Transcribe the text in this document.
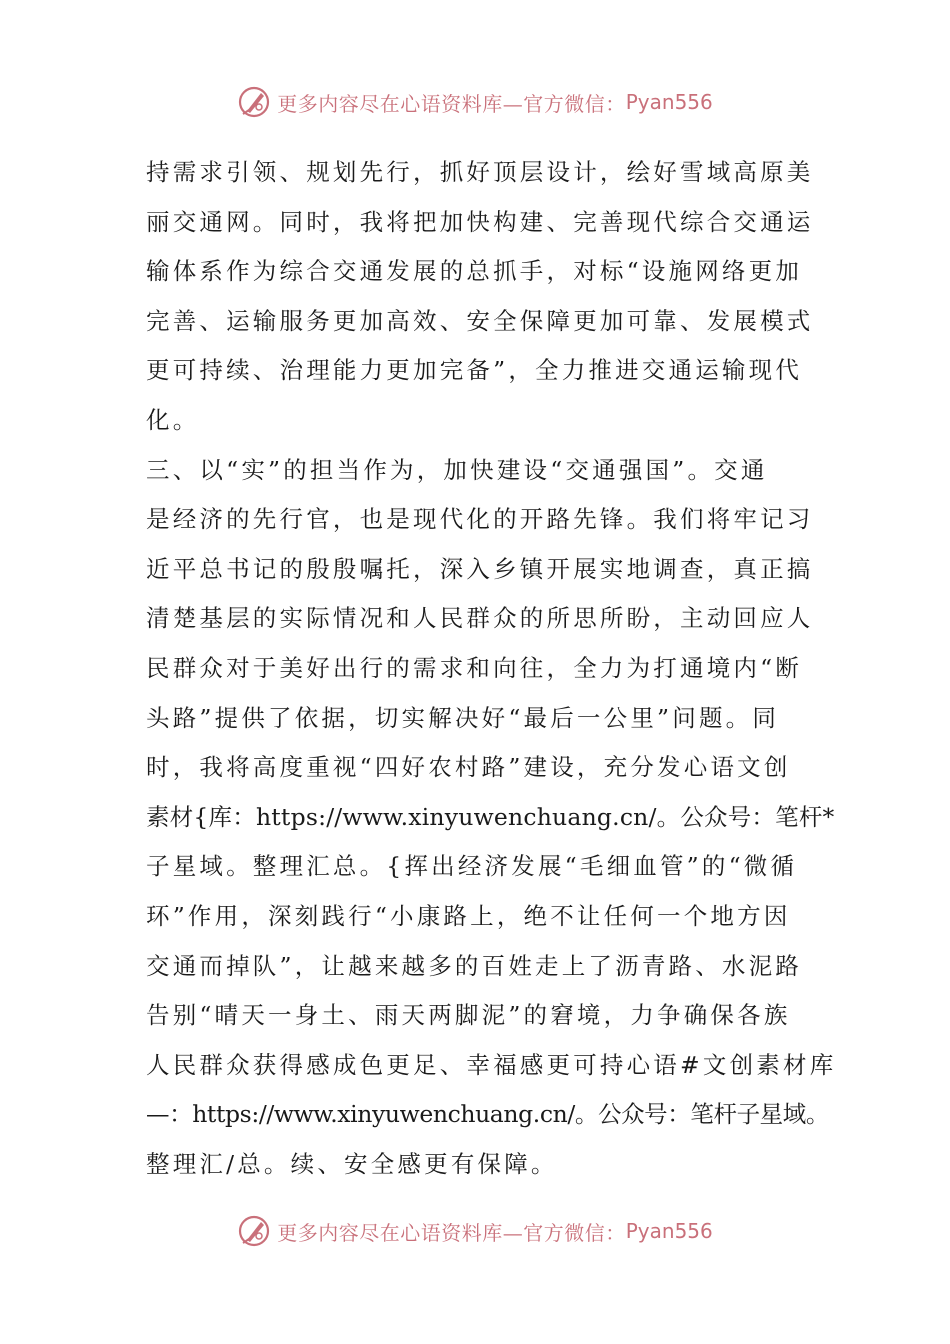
更多内容尽在心语资料库—官方微信： Pyan556
持需求引领、规划先行，抓好顶层设计，绘好雪域高原美
丽交通网。同时，我将把加快构建、完善现代综合交通运
输体系作为综合交通发展的总抓手，对标“设施网络更加
完善、运输服务更加高效、安全保障更加可靠、发展模式
更可持续、治理能力更加完备”，全力推进交通运输现代
化。
三、以“实”的担当作为，加快建设“交通强国”。交通
是经济的先行官，也是现代化的开路先锋。我们将牢记习
近平总书记的殷殷嘱托，深入乡镇开展实地调查，真正搞
清楚基层的实际情况和人民群众的所思所盼，主动回应人
民群众对于美好出行的需求和向往，全力为打通境内“断
头路”提供了依据，切实解决好“最后一公里”问题。同
时，我将高度重视“四好农村路”建设，充分发心语文创
素材{库：https://www.xinyuwenchuang.cn/。公众号：笔杆*
子星域。整理汇总。{挥出经济发展“毛细血管”的“微循
环”作用，深刻践行“小康路上，绝不让任何一个地方因
交通而掉队”，让越来越多的百姓走上了沥青路、水泥路
告别“晴天一身土、雨天两脚泥”的窘境，力争确保各族
人民群众获得感成色更足、幸福感更可持心语#文创素材库
—：https://www.xinyuwenchuang.cn/。公众号：笔杆子星域。
整理汇/总。续、安全感更有保障。
更多内容尽在心语资料库—官方微信： Pyan556
